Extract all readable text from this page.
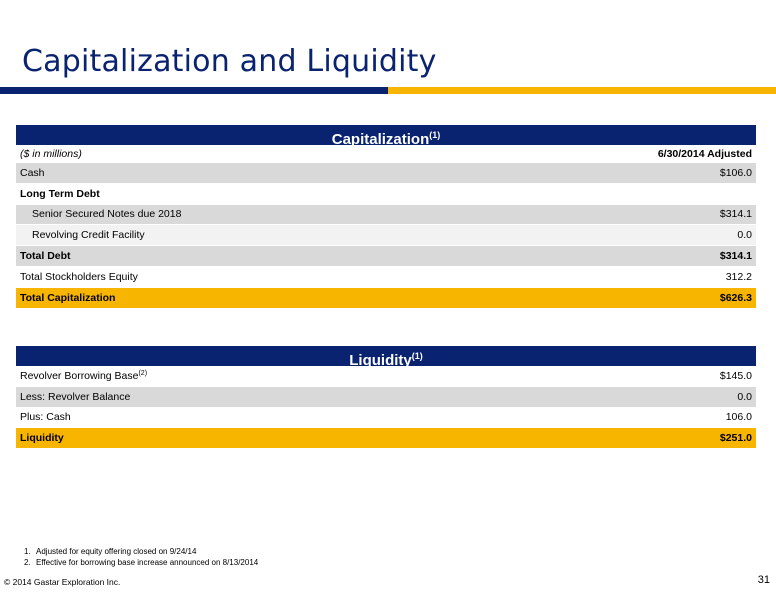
Capitalization and Liquidity
Capitalization$^{(1)}$
($ in millions)	6/30/2014 Adjusted
Cash	$106.0
Long Term Debt
Senior Secured Notes due 2018	$314.1
Revolving Credit Facility	0.0
Total Debt	$314.1
Total Stockholders Equity	312.2
Total Capitalization	$626.3
Liquidity$^{(1)}$
Revolver Borrowing Base$^{(2)}$	$145.0
Less: Revolver Balance	0.0
Plus: Cash	106.0
Liquidity	$251.0
1. Adjusted for equity offering closed on 9/24/14
2. Effective for borrowing base increase announced on 8/13/2014
© 2014 Gastar Exploration Inc.	31
